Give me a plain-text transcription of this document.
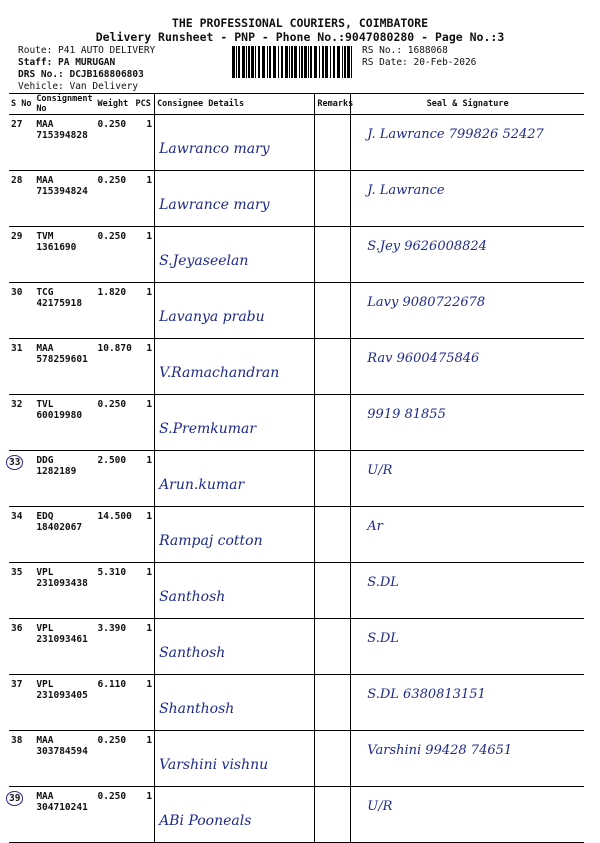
THE PROFESSIONAL COURIERS, COIMBATORE
Delivery Runsheet - PNP - Phone No.:9047080280 - Page No.:3
Route: P41 AUTO DELIVERY
Staff: PA MURUGAN
DRS No.: DCJB168806803
Vehicle: Van Delivery
RS No.: 1688068
RS Date: 20-Feb-2026
S No	Consignment No	Weight	PCS	Consignee Details	Remarks	Seal & Signature
27	MAA 715394828	0.250	1	Lawranco mary		J. Lawrance 799826 52427
28	MAA 715394824	0.250	1	Lawrance mary		J. Lawrance
29	TVM 1361690	0.250	1	S.Jeyaseelan		S.Jey 9626008824
30	TCG 42175918	1.820	1	Lavanya prabu		Lavy 9080722678
31	MAA 578259601	10.870	1	V.Ramachandran		Rav 9600475846
32	TVL 60019980	0.250	1	S.Premkumar		9919 81855
33	DDG 1282189	2.500	1	Arun.kumar		U/R
34	EDQ 18402067	14.500	1	Rampaj cotton		Ar
35	VPL 231093438	5.310	1	Santhosh		S.DL
36	VPL 231093461	3.390	1	Santhosh		S.DL
37	VPL 231093405	6.110	1	Shanthosh		S.DL 6380813151
38	MAA 303784594	0.250	1	Varshini vishnu		Varshini 99428 74651
39	MAA 304710241	0.250	1	ABi Pooneals		U/R
